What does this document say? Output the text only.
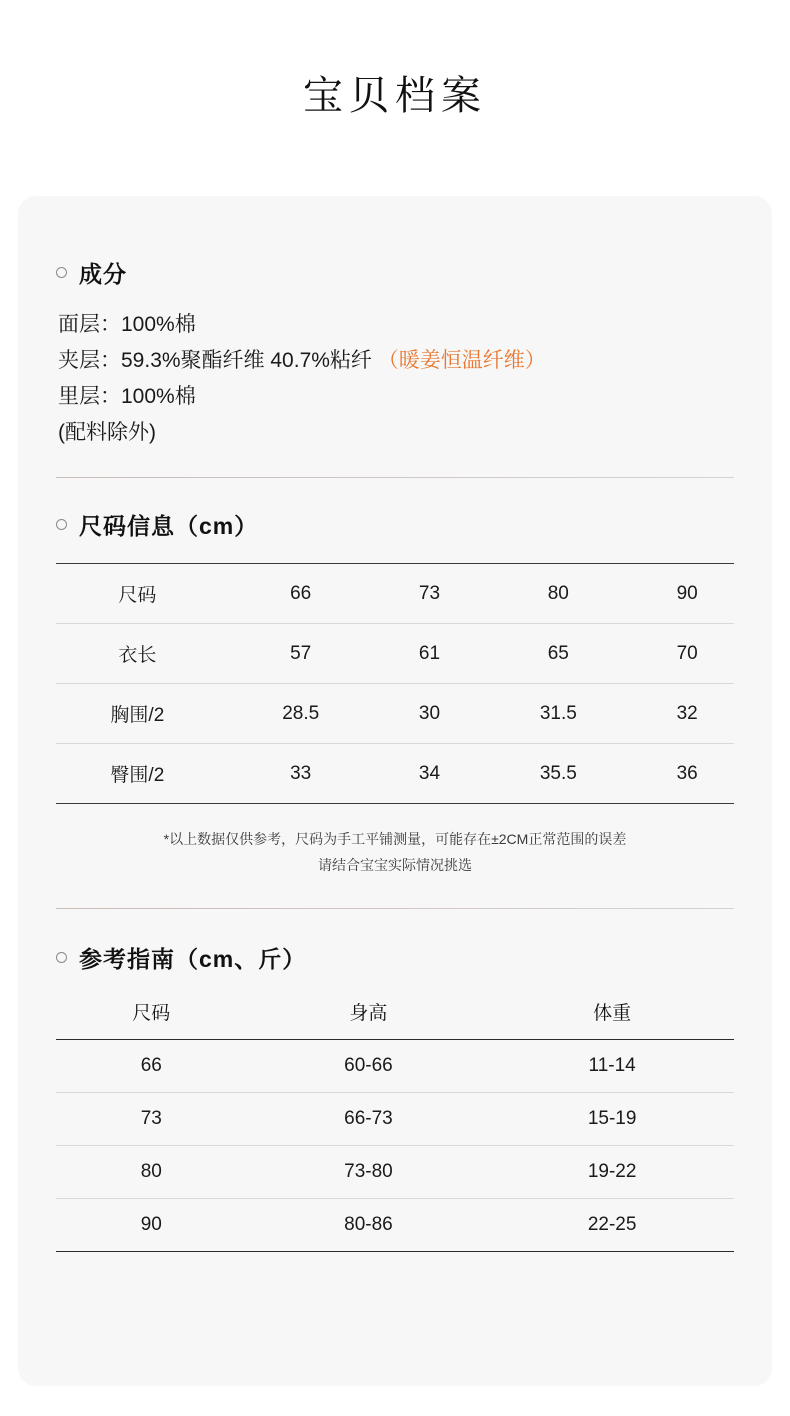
宝贝档案
成分
面层：100%棉
夹层：59.3%聚酯纤维 40.7%粘纤 （暖姜恒温纤维）
里层：100%棉
(配料除外)
尺码信息（cm）
尺码	66	73	80	90
衣长	57	61	65	70
胸围/2	28.5	30	31.5	32
臀围/2	33	34	35.5	36
*以上数据仅供参考，尺码为手工平铺测量，可能存在±2CM正常范围的误差
请结合宝宝实际情况挑选
参考指南（cm、斤）
尺码	身高	体重
66	60-66	11-14
73	66-73	15-19
80	73-80	19-22
90	80-86	22-25
